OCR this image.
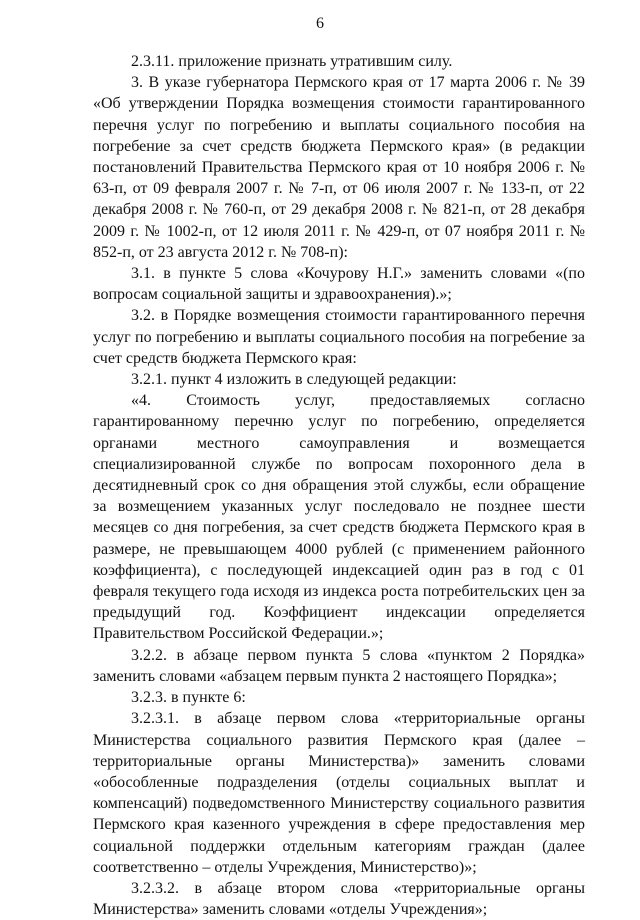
6

2.3.11. приложение признать утратившим силу.

3. В указе губернатора Пермского края от 17 марта 2006 г. № 39 «Об утверждении Порядка возмещения стоимости гарантированного перечня услуг по погребению и выплаты социального пособия на погребение за счет средств бюджета Пермского края» (в редакции постановлений Правительства Пермского края от 10 ноября 2006 г. № 63-п, от 09 февраля 2007 г. № 7-п, от 06 июля 2007 г. № 133-п, от 22 декабря 2008 г. № 760-п, от 29 декабря 2008 г. № 821-п, от 28 декабря 2009 г. № 1002-п, от 12 июля 2011 г. № 429-п, от 07 ноября 2011 г. № 852-п, от 23 августа 2012 г. № 708-п):

3.1. в пункте 5 слова «Кочурову Н.Г.» заменить словами «(по вопросам социальной защиты и здравоохранения).»;

3.2. в Порядке возмещения стоимости гарантированного перечня услуг по погребению и выплаты социального пособия на погребение за счет средств бюджета Пермского края:

3.2.1. пункт 4 изложить в следующей редакции:

«4. Стоимость услуг, предоставляемых согласно гарантированному перечню услуг по погребению, определяется органами местного самоуправления и возмещается специализированной службе по вопросам похоронного дела в десятидневный срок со дня обращения этой службы, если обращение за возмещением указанных услуг последовало не позднее шести месяцев со дня погребения, за счет средств бюджета Пермского края в размере, не превышающем 4000 рублей (с применением районного коэффициента), с последующей индексацией один раз в год с 01 февраля текущего года исходя из индекса роста потребительских цен за предыдущий год. Коэффициент индексации определяется Правительством Российской Федерации.»;

3.2.2. в абзаце первом пункта 5 слова «пунктом 2 Порядка» заменить словами «абзацем первым пункта 2 настоящего Порядка»;

3.2.3. в пункте 6:

3.2.3.1. в абзаце первом слова «территориальные органы Министерства социального развития Пермского края (далее – территориальные органы Министерства)» заменить словами «обособленные подразделения (отделы социальных выплат и компенсаций) подведомственного Министерству социального развития Пермского края казенного учреждения в сфере предоставления мер социальной поддержки отдельным категориям граждан (далее соответственно – отделы Учреждения, Министерство)»;

3.2.3.2. в абзаце втором слова «территориальные органы Министерства» заменить словами «отделы Учреждения»;
